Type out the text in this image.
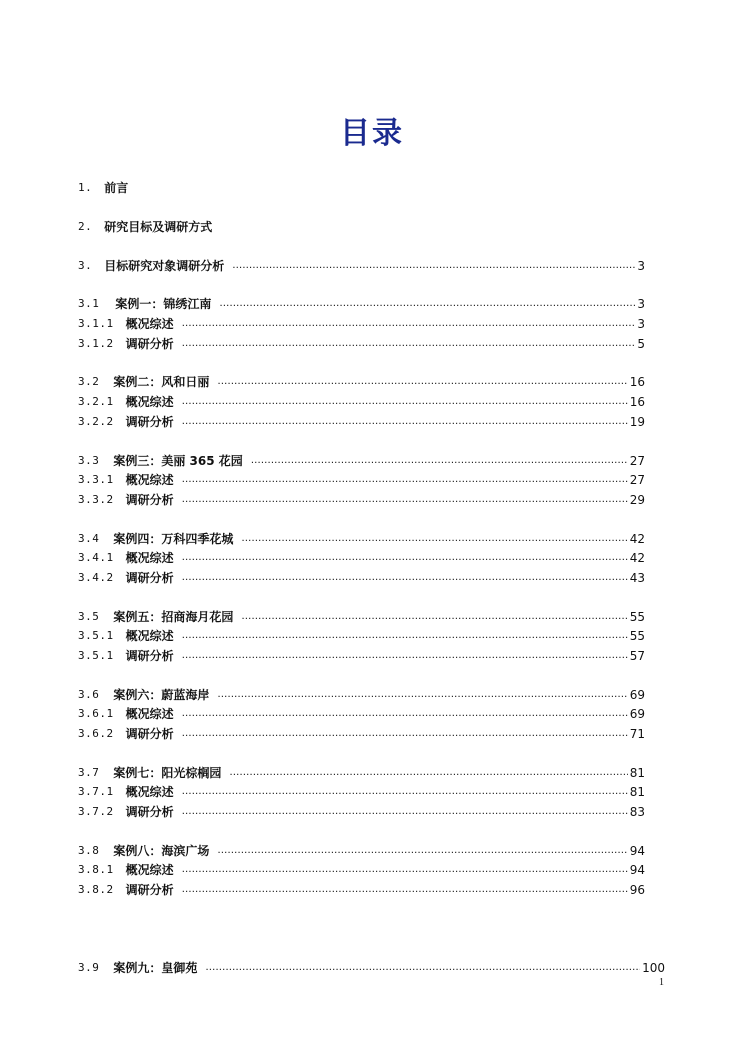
目录
1. 前言
2. 研究目标及调研方式
3. 目标研究对象调研分析 …………………………………………………………………………………………………………………………………………………………………………………………………………………………………………	3
3.1 案例一：锦绣江南 …………………………………………………………………………………………………………………………………………………………………………………………………………………………………………	3
3.1.1 概况综述 …………………………………………………………………………………………………………………………………………………………………………………………………………………………………………	3
3.1.2 调研分析 …………………………………………………………………………………………………………………………………………………………………………………………………………………………………………	5
3.2 案例二：风和日丽 …………………………………………………………………………………………………………………………………………………………………………………………………………………………………………	16
3.2.1 概况综述 …………………………………………………………………………………………………………………………………………………………………………………………………………………………………………	16
3.2.2 调研分析 …………………………………………………………………………………………………………………………………………………………………………………………………………………………………………	19
3.3 案例三：美丽 365 花园 …………………………………………………………………………………………………………………………………………………………………………………………………………………………………………	27
3.3.1 概况综述 …………………………………………………………………………………………………………………………………………………………………………………………………………………………………………	27
3.3.2 调研分析 …………………………………………………………………………………………………………………………………………………………………………………………………………………………………………	29
3.4 案例四：万科四季花城 …………………………………………………………………………………………………………………………………………………………………………………………………………………………………………	42
3.4.1 概况综述 …………………………………………………………………………………………………………………………………………………………………………………………………………………………………………	42
3.4.2 调研分析 …………………………………………………………………………………………………………………………………………………………………………………………………………………………………………	43
3.5 案例五：招商海月花园 …………………………………………………………………………………………………………………………………………………………………………………………………………………………………………	55
3.5.1 概况综述 …………………………………………………………………………………………………………………………………………………………………………………………………………………………………………	55
3.5.1 调研分析 …………………………………………………………………………………………………………………………………………………………………………………………………………………………………………	57
3.6 案例六：蔚蓝海岸 …………………………………………………………………………………………………………………………………………………………………………………………………………………………………………	69
3.6.1 概况综述 …………………………………………………………………………………………………………………………………………………………………………………………………………………………………………	69
3.6.2 调研分析 …………………………………………………………………………………………………………………………………………………………………………………………………………………………………………	71
3.7 案例七：阳光棕榈园 …………………………………………………………………………………………………………………………………………………………………………………………………………………………………………	81
3.7.1 概况综述 …………………………………………………………………………………………………………………………………………………………………………………………………………………………………………	81
3.7.2 调研分析 …………………………………………………………………………………………………………………………………………………………………………………………………………………………………………	83
3.8 案例八：海滨广场 …………………………………………………………………………………………………………………………………………………………………………………………………………………………………………	94
3.8.1 概况综述 …………………………………………………………………………………………………………………………………………………………………………………………………………………………………………	94
3.8.2 调研分析 …………………………………………………………………………………………………………………………………………………………………………………………………………………………………………	96
3.9 案例九：皇御苑 …………………………………………………………………………………………………………………………………………………………………………………………………………………………………………	100
1
